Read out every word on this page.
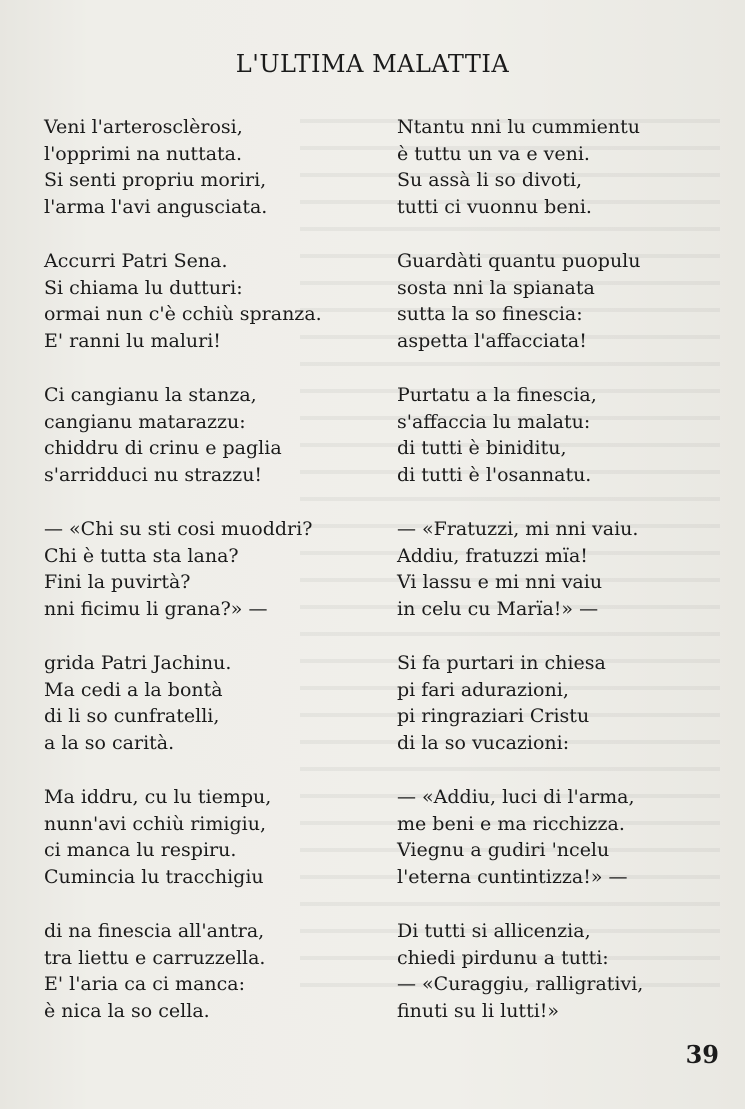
L'ULTIMA MALATTIA
Veni l'arterosclèrosi,
l'opprimi na nuttata.
Si senti propriu moriri,
l'arma l'avi angusciata.
Accurri Patri Sena.
Si chiama lu dutturi:
ormai nun c'è cchiù spranza.
E' ranni lu maluri!
Ci cangianu la stanza,
cangianu matarazzu:
chiddru di crinu e paglia
s'arridduci nu strazzu!
— «Chi su sti cosi muoddri?
Chi è tutta sta lana?
Fini la puvirtà?
nni ficimu li grana?» —
grida Patri Jachinu.
Ma cedi a la bontà
di li so cunfratelli,
a la so carità.
Ma iddru, cu lu tiempu,
nunn'avi cchiù rimigiu,
ci manca lu respiru.
Cumincia lu tracchigiu
di na finescia all'antra,
tra liettu e carruzzella.
E' l'aria ca ci manca:
è nica la so cella.
Ntantu nni lu cummientu
è tuttu un va e veni.
Su assà li so divoti,
tutti ci vuonnu beni.
Guardàti quantu puopulu
sosta nni la spianata
sutta la so finescia:
aspetta l'affacciata!
Purtatu a la finescia,
s'affaccia lu malatu:
di tutti è biniditu,
di tutti è l'osannatu.
— «Fratuzzi, mi nni vaiu.
Addiu, fratuzzi mïa!
Vi lassu e mi nni vaiu
in celu cu Marïa!» —
Si fa purtari in chiesa
pi fari adurazioni,
pi ringraziari Cristu
di la so vucazioni:
— «Addiu, luci di l'arma,
me beni e ma ricchizza.
Viegnu a gudiri 'ncelu
l'eterna cuntintizza!» —
Di tutti si allicenzia,
chiedi pirdunu a tutti:
— «Curaggiu, ralligrativi,
finuti su li lutti!»
39
